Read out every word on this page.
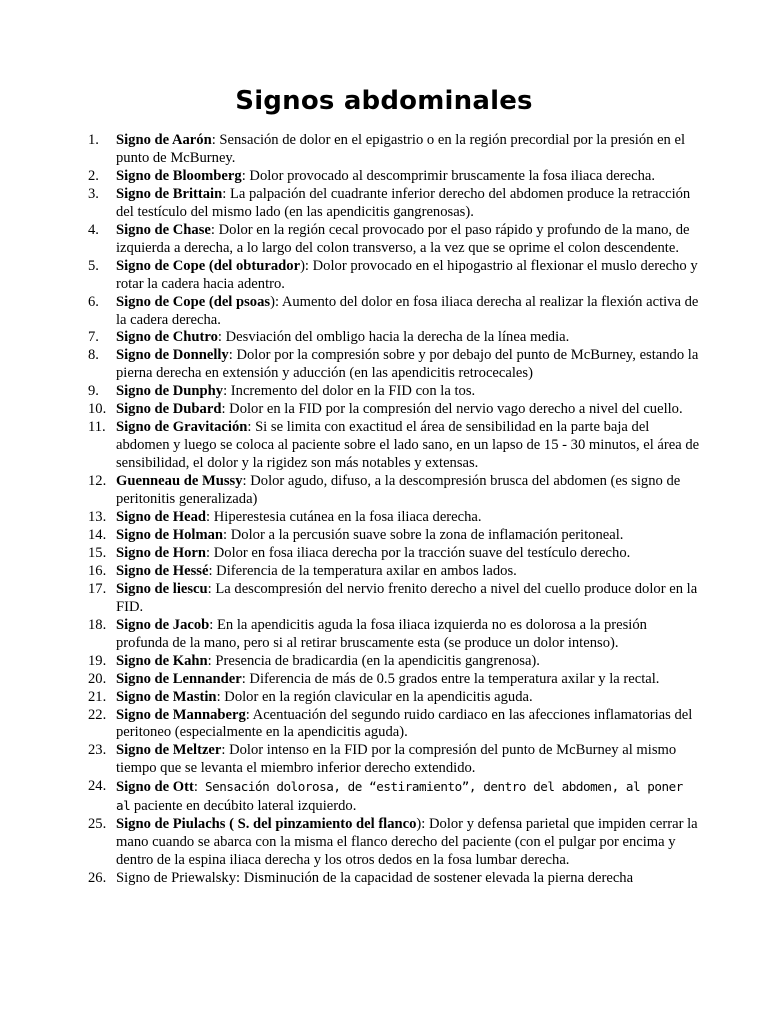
Signos abdominales
1.	Signo de Aarón: Sensación de dolor en el epigastrio o en la región precordial por la presión en el punto de McBurney.
2.	Signo de Bloomberg: Dolor provocado al descomprimir bruscamente la fosa iliaca derecha.
3.	Signo de Brittain: La palpación del cuadrante inferior derecho del abdomen produce la retracción del testículo del mismo lado (en las apendicitis gangrenosas).
4.	Signo de Chase: Dolor en la región cecal provocado por el paso rápido y profundo de la mano, de izquierda a derecha, a lo largo del colon transverso, a la vez que se oprime el colon descendente.
5.	Signo de Cope (del obturador): Dolor provocado en el hipogastrio al flexionar el muslo derecho y rotar la cadera hacia adentro.
6.	Signo de Cope (del psoas): Aumento del dolor en fosa iliaca derecha al realizar la flexión activa de la cadera derecha.
7.	Signo de Chutro: Desviación del ombligo hacia la derecha de la línea media.
8.	Signo de Donnelly: Dolor por la compresión sobre y por debajo del punto de McBurney, estando la pierna derecha en extensión y aducción (en las apendicitis retrocecales)
9.	Signo de Dunphy: Incremento del dolor en la FID con la tos.
10. Signo de Dubard: Dolor en la FID por la compresión del nervio vago derecho a nivel del cuello.
11. Signo de Gravitación: Si se limita con exactitud el área de sensibilidad en la parte baja del abdomen y luego se coloca al paciente sobre el lado sano, en un lapso de 15 - 30 minutos, el área de sensibilidad, el dolor y la rigidez son más notables y extensas.
12. Guenneau de Mussy: Dolor agudo, difuso, a la descompresión brusca del abdomen (es signo de peritonitis generalizada)
13. Signo de Head: Hiperestesia cutánea en la fosa iliaca derecha.
14. Signo de Holman: Dolor a la percusión suave sobre la zona de inflamación peritoneal.
15. Signo de Horn: Dolor en fosa iliaca derecha por la tracción suave del testículo derecho.
16. Signo de Hessé: Diferencia de la temperatura axilar en ambos lados.
17. Signo de liescu: La descompresión del nervio frenito derecho a nivel del cuello produce dolor en la FID.
18. Signo de Jacob: En la apendicitis aguda la fosa iliaca izquierda no es dolorosa a la presión profunda de la mano, pero si al retirar bruscamente esta (se produce un dolor intenso).
19. Signo de Kahn: Presencia de bradicardia (en la apendicitis gangrenosa).
20. Signo de Lennander: Diferencia de más de 0.5 grados entre la temperatura axilar y la rectal.
21. Signo de Mastin: Dolor en la región clavicular en la apendicitis aguda.
22. Signo de Mannaberg: Acentuación del segundo ruido cardiaco en las afecciones inflamatorias del peritoneo (especialmente en la apendicitis aguda).
23. Signo de Meltzer: Dolor intenso en la FID por la compresión del punto de McBurney al mismo tiempo que se levanta el miembro inferior derecho extendido.
24. Signo de Ott: Sensación dolorosa, de “estiramiento”, dentro del abdomen, al poner al paciente en decúbito lateral izquierdo.
25. Signo de Piulachs ( S. del pinzamiento del flanco): Dolor y defensa parietal que impiden cerrar la mano cuando se abarca con la misma el flanco derecho del paciente (con el pulgar por encima y dentro de la espina iliaca derecha y los otros dedos en la fosa lumbar derecha.
26. Signo de Priewalsky: Disminución de la capacidad de sostener elevada la pierna derecha
